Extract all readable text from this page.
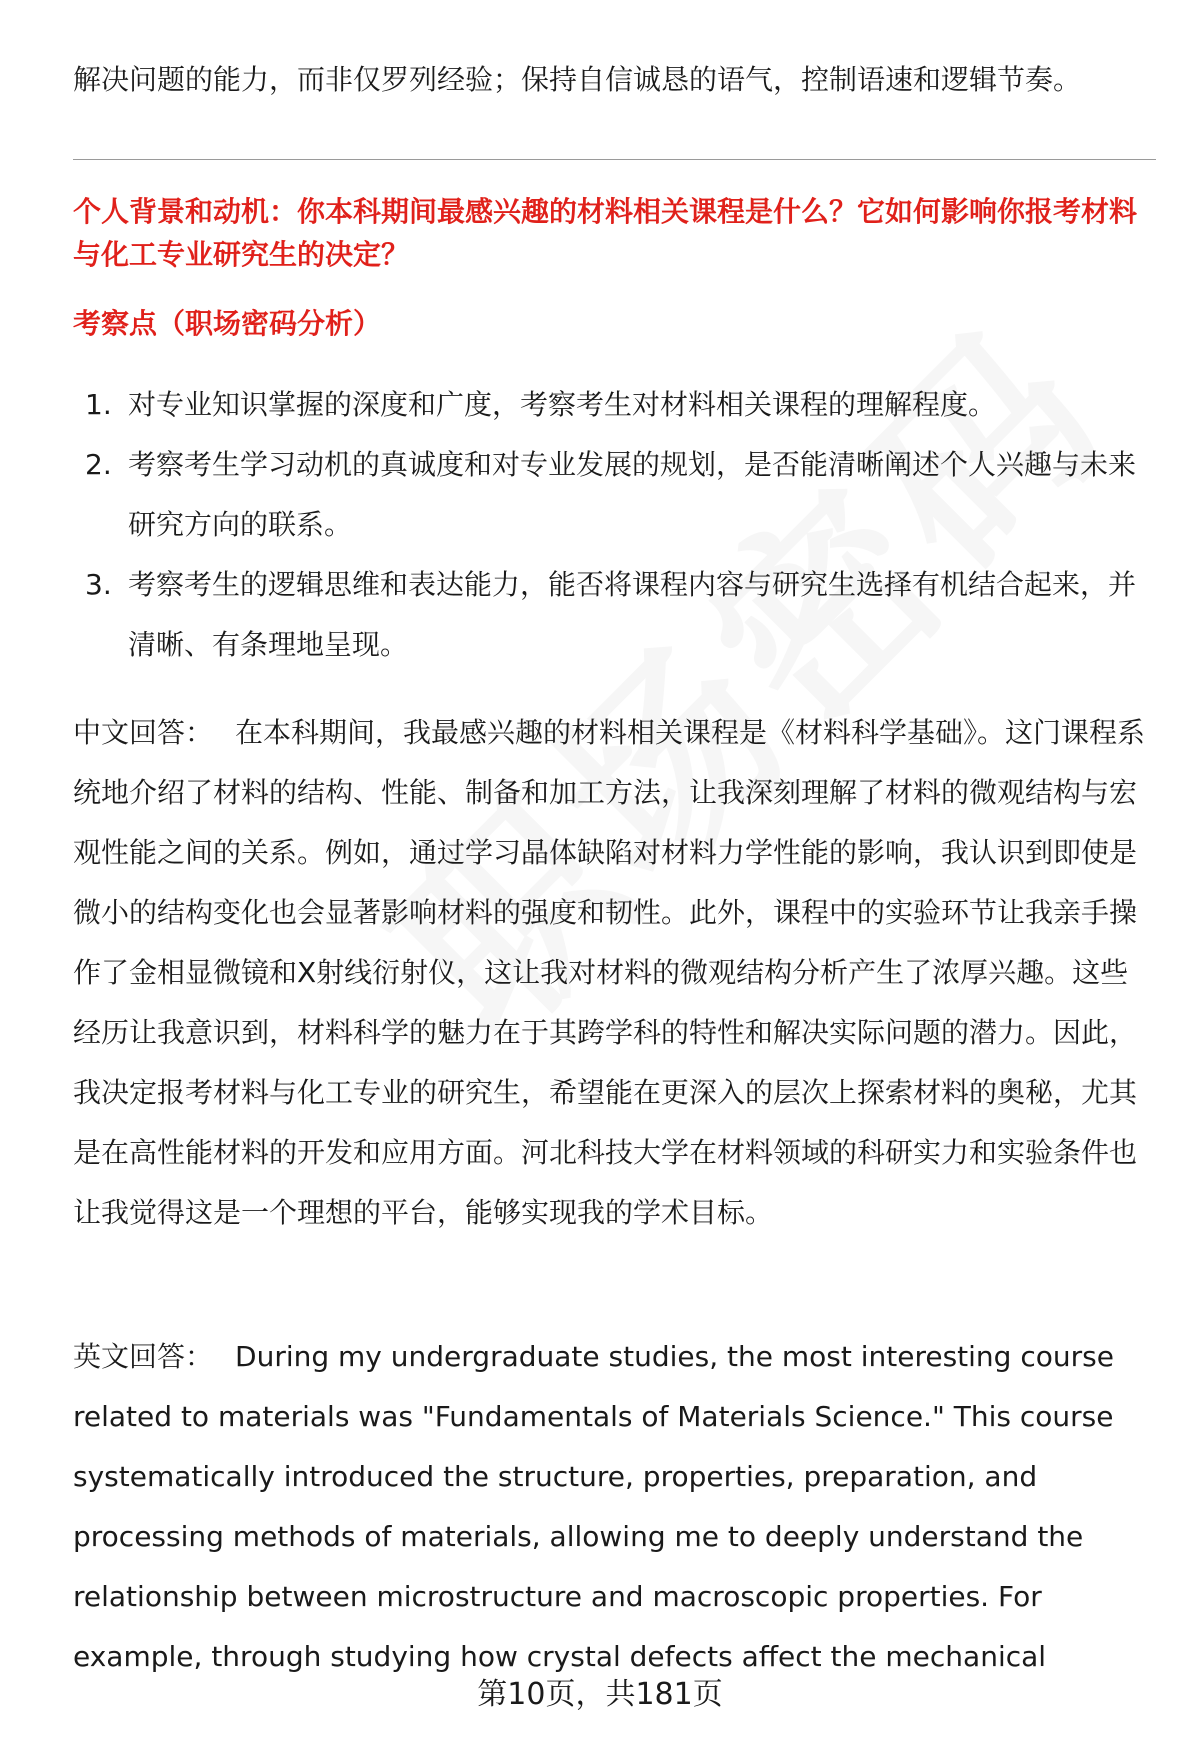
解决问题的能力，而非仅罗列经验；保持自信诚恳的语气，控制语速和逻辑节奏。
个人背景和动机：你本科期间最感兴趣的材料相关课程是什么？它如何影响你报考材料与化工专业研究生的决定？
考察点（职场密码分析）
1. 对专业知识掌握的深度和广度，考察考生对材料相关课程的理解程度。
2. 考察考生学习动机的真诚度和对专业发展的规划，是否能清晰阐述个人兴趣与未来研究方向的联系。
3. 考察考生的逻辑思维和表达能力，能否将课程内容与研究生选择有机结合起来，并清晰、有条理地呈现。
中文回答： 在本科期间，我最感兴趣的材料相关课程是《材料科学基础》。这门课程系统地介绍了材料的结构、性能、制备和加工方法，让我深刻理解了材料的微观结构与宏观性能之间的关系。例如，通过学习晶体缺陷对材料力学性能的影响，我认识到即使是微小的结构变化也会显著影响材料的强度和韧性。此外，课程中的实验环节让我亲手操作了金相显微镜和X射线衍射仪，这让我对材料的微观结构分析产生了浓厚兴趣。这些经历让我意识到，材料科学的魅力在于其跨学科的特性和解决实际问题的潜力。因此，我决定报考材料与化工专业的研究生，希望能在更深入的层次上探索材料的奥秘，尤其是在高性能材料的开发和应用方面。河北科技大学在材料领域的科研实力和实验条件也让我觉得这是一个理想的平台，能够实现我的学术目标。
英文回答： During my undergraduate studies, the most interesting course related to materials was "Fundamentals of Materials Science." This course systematically introduced the structure, properties, preparation, and processing methods of materials, allowing me to deeply understand the relationship between microstructure and macroscopic properties. For example, through studying how crystal defects affect the mechanical
第10页，共181页
